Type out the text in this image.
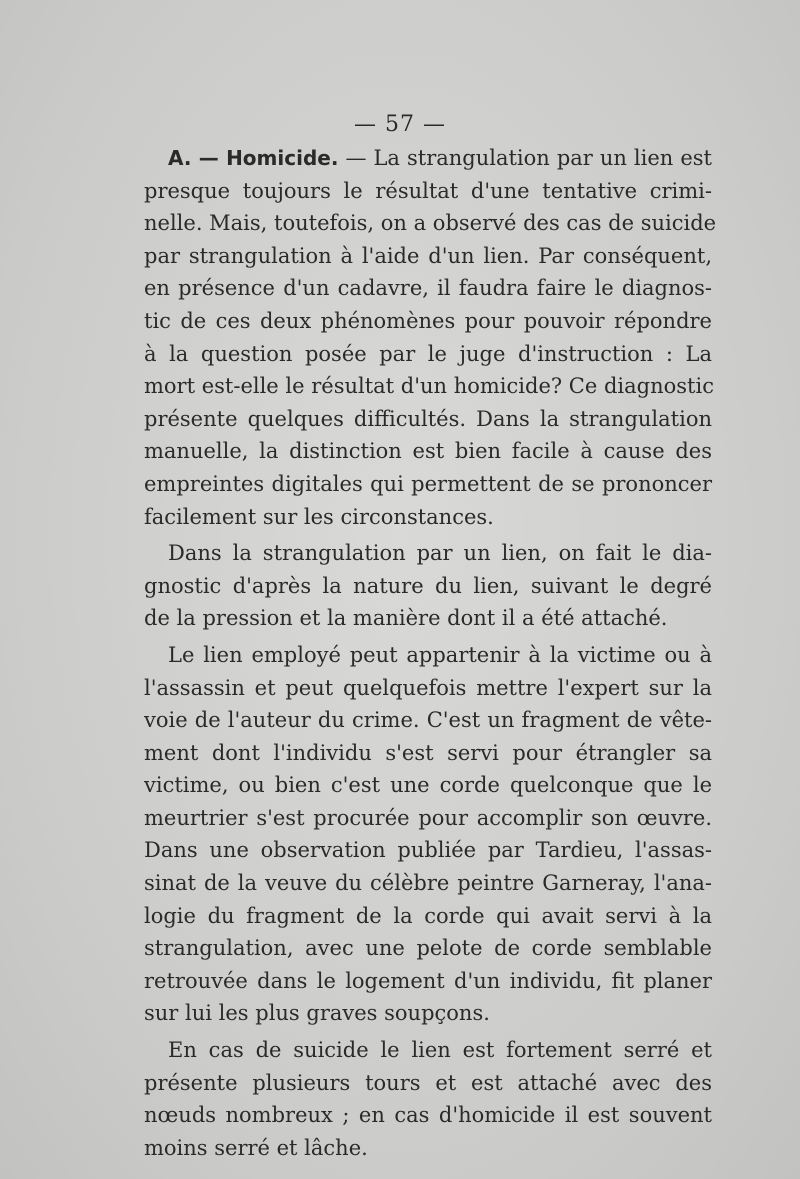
— 57 —
A. — Homicide. — La strangulation par un lien est
presque toujours le résultat d'une tentative crimi-
nelle. Mais, toutefois, on a observé des cas de suicide
par strangulation à l'aide d'un lien. Par conséquent,
en présence d'un cadavre, il faudra faire le diagnos-
tic de ces deux phénomènes pour pouvoir répondre
à la question posée par le juge d'instruction : La
mort est-elle le résultat d'un homicide? Ce diagnostic
présente quelques difficultés. Dans la strangulation
manuelle, la distinction est bien facile à cause des
empreintes digitales qui permettent de se prononcer
facilement sur les circonstances.
Dans la strangulation par un lien, on fait le dia-
gnostic d'après la nature du lien, suivant le degré
de la pression et la manière dont il a été attaché.
Le lien employé peut appartenir à la victime ou à
l'assassin et peut quelquefois mettre l'expert sur la
voie de l'auteur du crime. C'est un fragment de vête-
ment dont l'individu s'est servi pour étrangler sa
victime, ou bien c'est une corde quelconque que le
meurtrier s'est procurée pour accomplir son œuvre.
Dans une observation publiée par Tardieu, l'assas-
sinat de la veuve du célèbre peintre Garneray, l'ana-
logie du fragment de la corde qui avait servi à la
strangulation, avec une pelote de corde semblable
retrouvée dans le logement d'un individu, fit planer
sur lui les plus graves soupçons.
En cas de suicide le lien est fortement serré et
présente plusieurs tours et est attaché avec des
nœuds nombreux ; en cas d'homicide il est souvent
moins serré et lâche.
